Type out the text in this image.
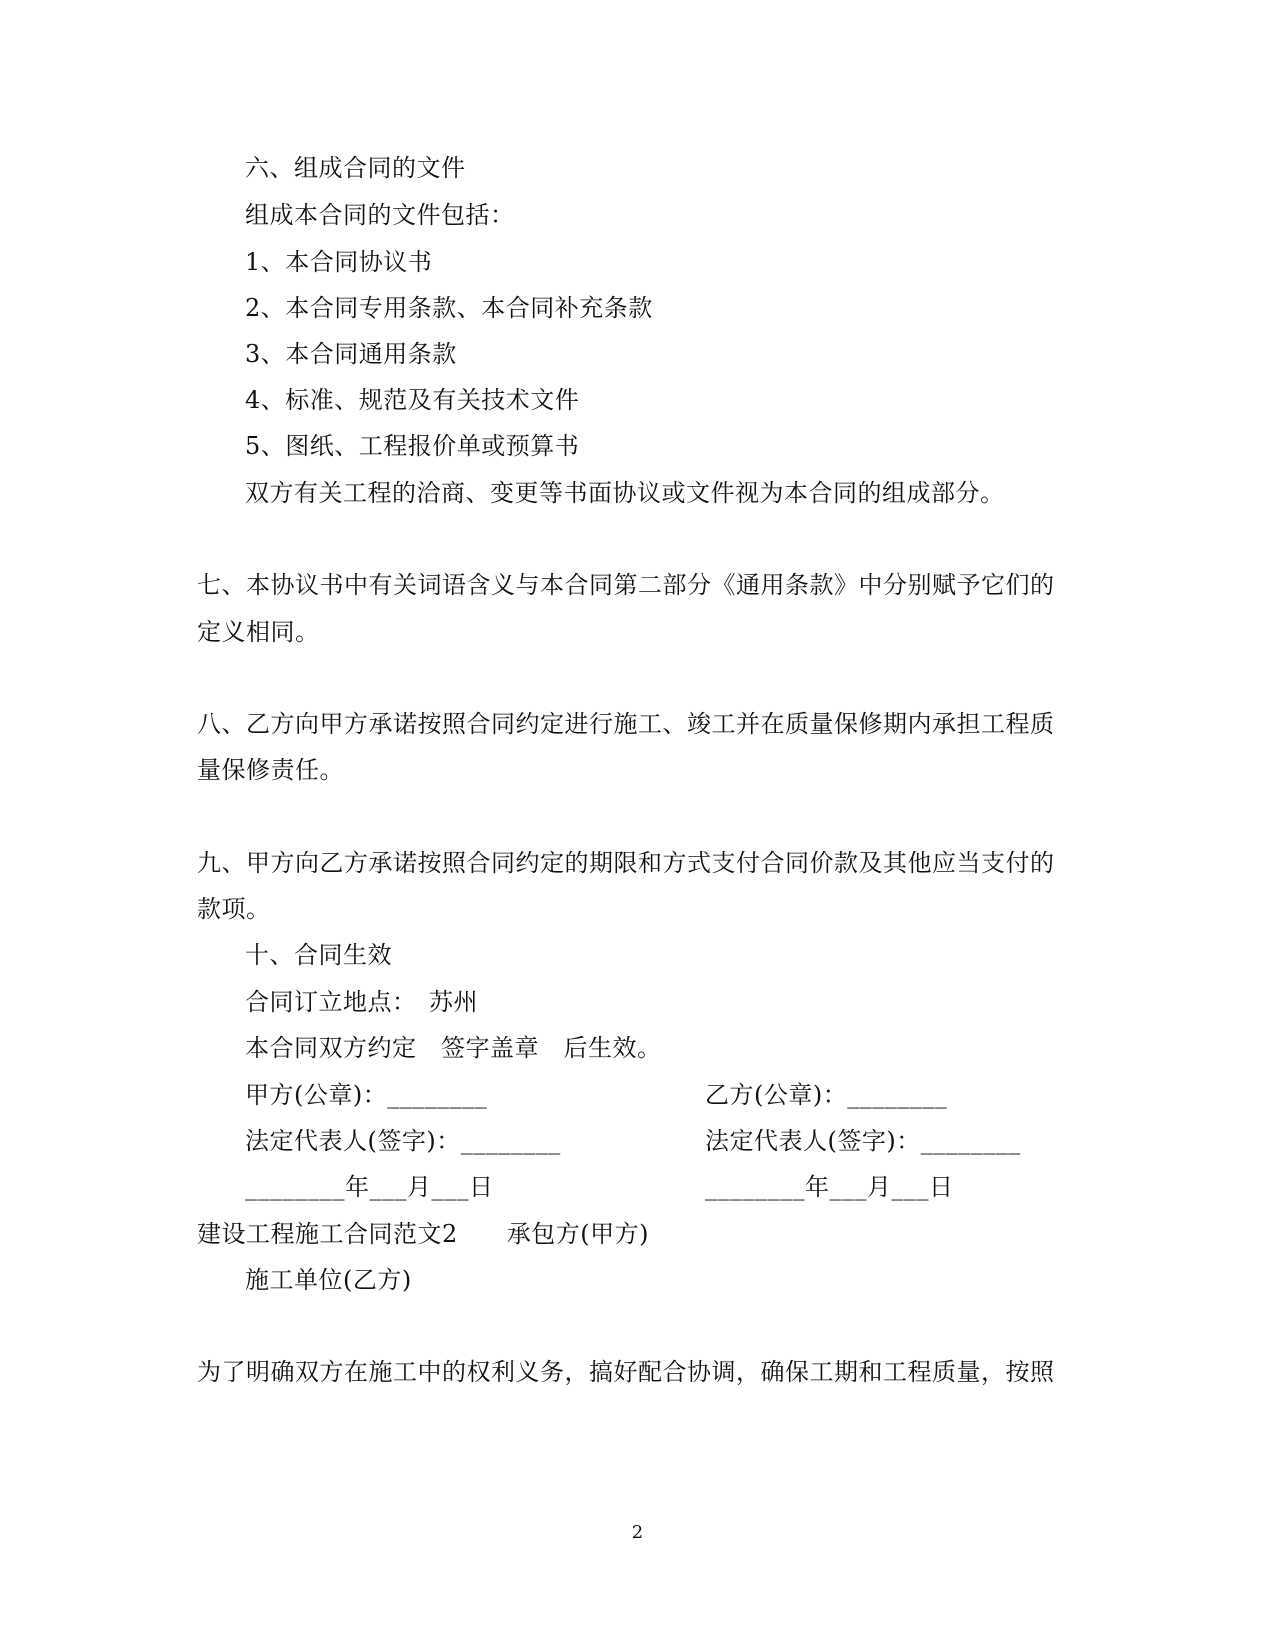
六、组成合同的文件
组成本合同的文件包括：
1、本合同协议书
2、本合同专用条款、本合同补充条款
3、本合同通用条款
4、标准、规范及有关技术文件
5、图纸、工程报价单或预算书
双方有关工程的洽商、变更等书面协议或文件视为本合同的组成部分。
七、本协议书中有关词语含义与本合同第二部分《通用条款》中分别赋予它们的
定义相同。
八、乙方向甲方承诺按照合同约定进行施工、竣工并在质量保修期内承担工程质
量保修责任。
九、甲方向乙方承诺按照合同约定的期限和方式支付合同价款及其他应当支付的
款项。
十、合同生效
合同订立地点：　苏州
本合同双方约定　签字盖章　后生效。
甲方(公章)：________	乙方(公章)：________
法定代表人(签字)：________	法定代表人(签字)：________
________年___月___日	________年___月___日
建设工程施工合同范文2　　承包方(甲方)
施工单位(乙方)
为了明确双方在施工中的权利义务，搞好配合协调，确保工期和工程质量，按照
2
